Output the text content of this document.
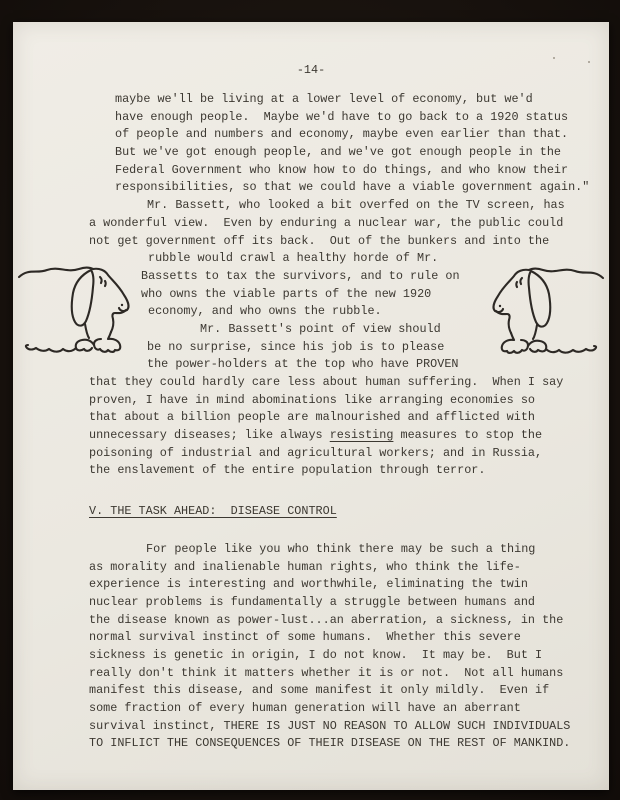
-14-
maybe we'll be living at a lower level of economy, but we'd
have enough people.  Maybe we'd have to go back to a 1920 status
of people and numbers and economy, maybe even earlier than that.
But we've got enough people, and we've got enough people in the
Federal Government who know how to do things, and who know their
responsibilities, so that we could have a viable government again."
Mr. Bassett, who looked a bit overfed on the TV screen, has
a wonderful view.  Even by enduring a nuclear war, the public could
not get government off its back.  Out of the bunkers and into the
rubble would crawl a healthy horde of Mr.
Bassetts to tax the survivors, and to rule on
who owns the viable parts of the new 1920
economy, and who owns the rubble.
Mr. Bassett's point of view should
be no surprise, since his job is to please
the power-holders at the top who have PROVEN
that they could hardly care less about human suffering.  When I say
proven, I have in mind abominations like arranging economies so
that about a billion people are malnourished and afflicted with
unnecessary diseases; like always resisting measures to stop the
poisoning of industrial and agricultural workers; and in Russia,
the enslavement of the entire population through terror.
V. THE TASK AHEAD:  DISEASE CONTROL
For people like you who think there may be such a thing
as morality and inalienable human rights, who think the life-
experience is interesting and worthwhile, eliminating the twin
nuclear problems is fundamentally a struggle between humans and
the disease known as power-lust...an aberration, a sickness, in the
normal survival instinct of some humans.  Whether this severe
sickness is genetic in origin, I do not know.  It may be.  But I
really don't think it matters whether it is or not.  Not all humans
manifest this disease, and some manifest it only mildly.  Even if
some fraction of every human generation will have an aberrant
survival instinct, THERE IS JUST NO REASON TO ALLOW SUCH INDIVIDUALS
TO INFLICT THE CONSEQUENCES OF THEIR DISEASE ON THE REST OF MANKIND.
